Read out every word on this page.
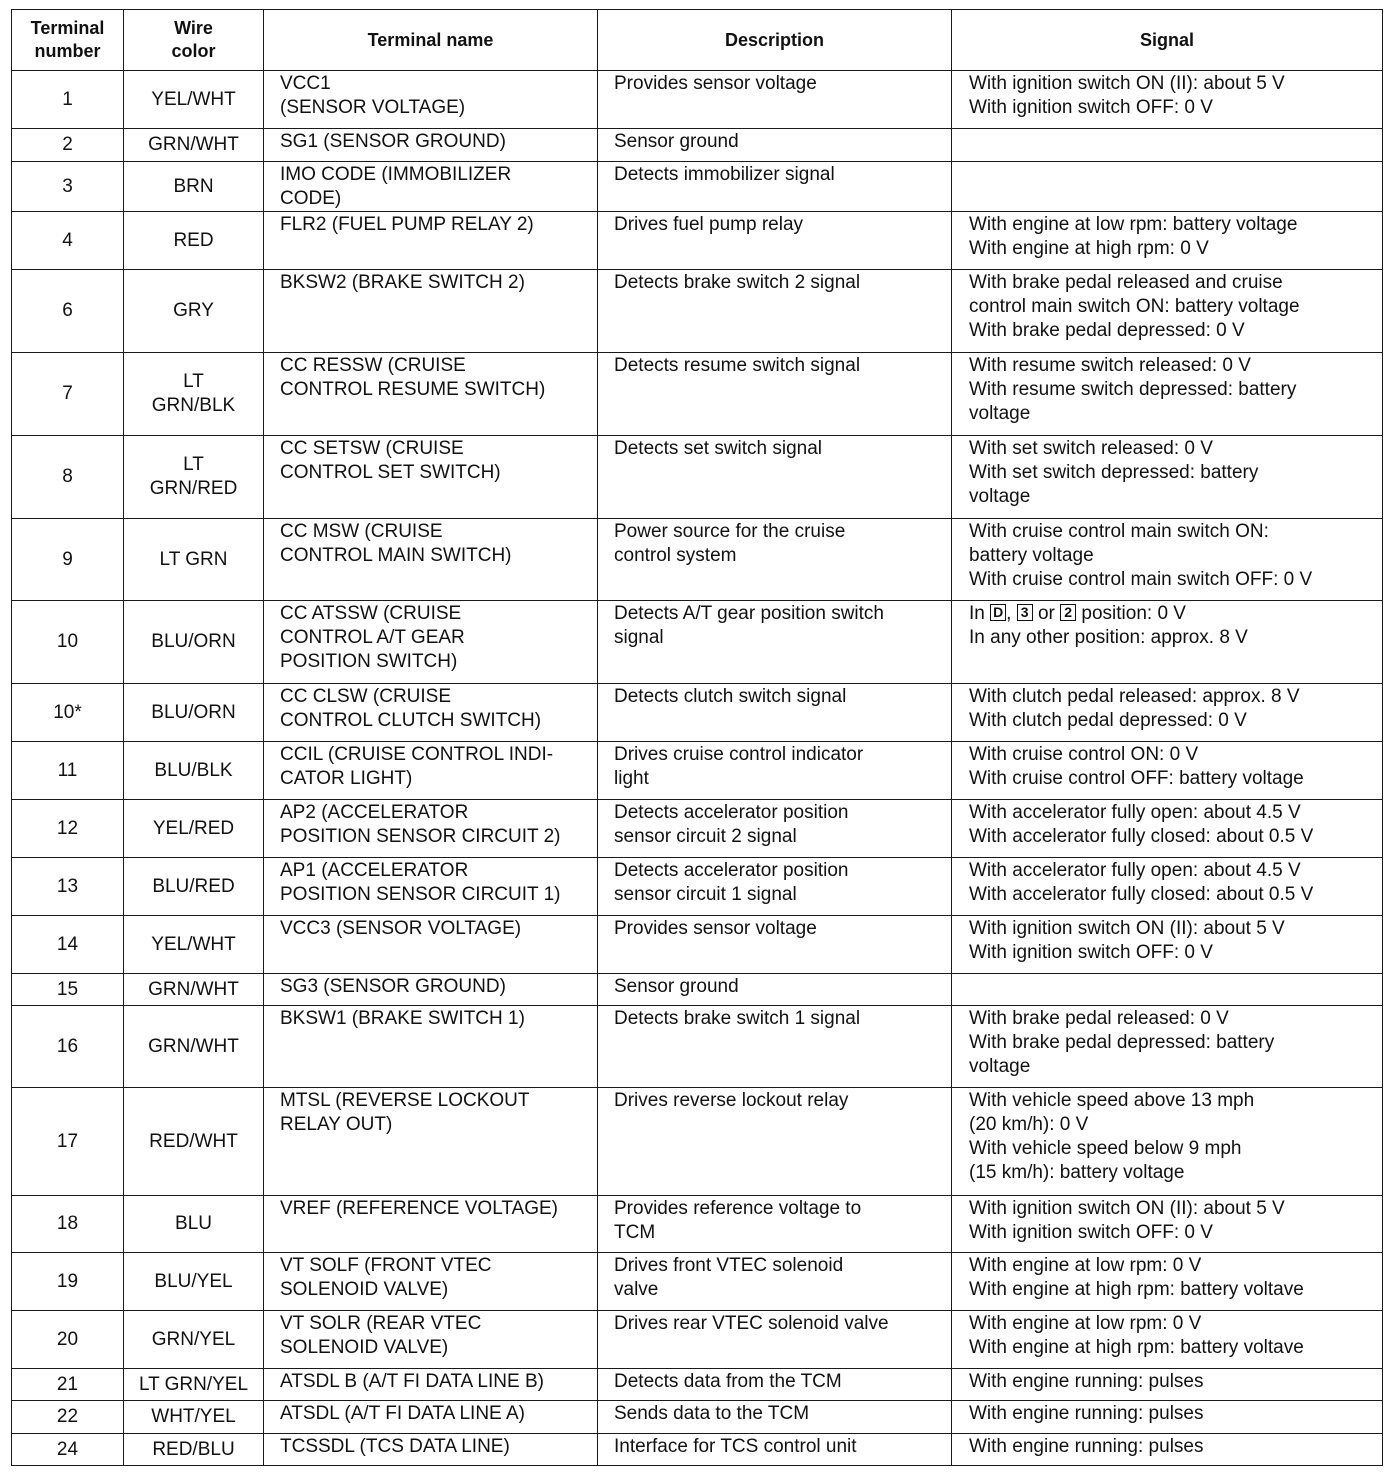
Terminal number	Wire color	Terminal name	Description	Signal
1	YEL/WHT	VCC1
(SENSOR VOLTAGE)	Provides sensor voltage	With ignition switch ON (II): about 5 V
With ignition switch OFF: 0 V

2	GRN/WHT	SG1 (SENSOR GROUND)	Sensor ground	

3	BRN	IMO CODE (IMMOBILIZER
CODE)	Detects immobilizer signal	

4	RED	FLR2 (FUEL PUMP RELAY 2)	Drives fuel pump relay	With engine at low rpm: battery voltage
With engine at high rpm: 0 V

6	GRY	BKSW2 (BRAKE SWITCH 2)	Detects brake switch 2 signal	With brake pedal released and cruise
control main switch ON: battery voltage
With brake pedal depressed: 0 V

7	LT
GRN/BLK	CC RESSW (CRUISE
CONTROL RESUME SWITCH)	Detects resume switch signal	With resume switch released: 0 V
With resume switch depressed: battery
voltage

8	LT
GRN/RED	CC SETSW (CRUISE
CONTROL SET SWITCH)	Detects set switch signal	With set switch released: 0 V
With set switch depressed: battery
voltage

9	LT GRN	CC MSW (CRUISE
CONTROL MAIN SWITCH)	Power source for the cruise
control system	With cruise control main switch ON:
battery voltage
With cruise control main switch OFF: 0 V

10	BLU/ORN	CC ATSSW (CRUISE
CONTROL A/T GEAR
POSITION SWITCH)	Detects A/T gear position switch
signal	In D , 3 or 2 position: 0 V
In any other position: approx. 8 V

10*	BLU/ORN	CC CLSW (CRUISE
CONTROL CLUTCH SWITCH)	Detects clutch switch signal	With clutch pedal released: approx. 8 V
With clutch pedal depressed: 0 V

11	BLU/BLK	CCIL (CRUISE CONTROL INDI-
CATOR LIGHT)	Drives cruise control indicator
light	With cruise control ON: 0 V
With cruise control OFF: battery voltage

12	YEL/RED	AP2 (ACCELERATOR
POSITION SENSOR CIRCUIT 2)	Detects accelerator position
sensor circuit 2 signal	With accelerator fully open: about 4.5 V
With accelerator fully closed: about 0.5 V

13	BLU/RED	AP1 (ACCELERATOR
POSITION SENSOR CIRCUIT 1)	Detects accelerator position
sensor circuit 1 signal	With accelerator fully open: about 4.5 V
With accelerator fully closed: about 0.5 V

14	YEL/WHT	VCC3 (SENSOR VOLTAGE)	Provides sensor voltage	With ignition switch ON (II): about 5 V
With ignition switch OFF: 0 V

15	GRN/WHT	SG3 (SENSOR GROUND)	Sensor ground	

16	GRN/WHT	BKSW1 (BRAKE SWITCH 1)	Detects brake switch 1 signal	With brake pedal released: 0 V
With brake pedal depressed: battery
voltage

17	RED/WHT	MTSL (REVERSE LOCKOUT
RELAY OUT)	Drives reverse lockout relay	With vehicle speed above 13 mph
(20 km/h): 0 V
With vehicle speed below 9 mph
(15 km/h): battery voltage

18	BLU	VREF (REFERENCE VOLTAGE)	Provides reference voltage to
TCM	With ignition switch ON (II): about 5 V
With ignition switch OFF: 0 V

19	BLU/YEL	VT SOLF (FRONT VTEC
SOLENOID VALVE)	Drives front VTEC solenoid
valve	With engine at low rpm: 0 V
With engine at high rpm: battery voltave

20	GRN/YEL	VT SOLR (REAR VTEC
SOLENOID VALVE)	Drives rear VTEC solenoid valve	With engine at low rpm: 0 V
With engine at high rpm: battery voltave

21	LT GRN/YEL	ATSDL B (A/T FI DATA LINE B)	Detects data from the TCM	With engine running: pulses

22	WHT/YEL	ATSDL (A/T FI DATA LINE A)	Sends data to the TCM	With engine running: pulses

24	RED/BLU	TCSSDL (TCS DATA LINE)	Interface for TCS control unit	With engine running: pulses
